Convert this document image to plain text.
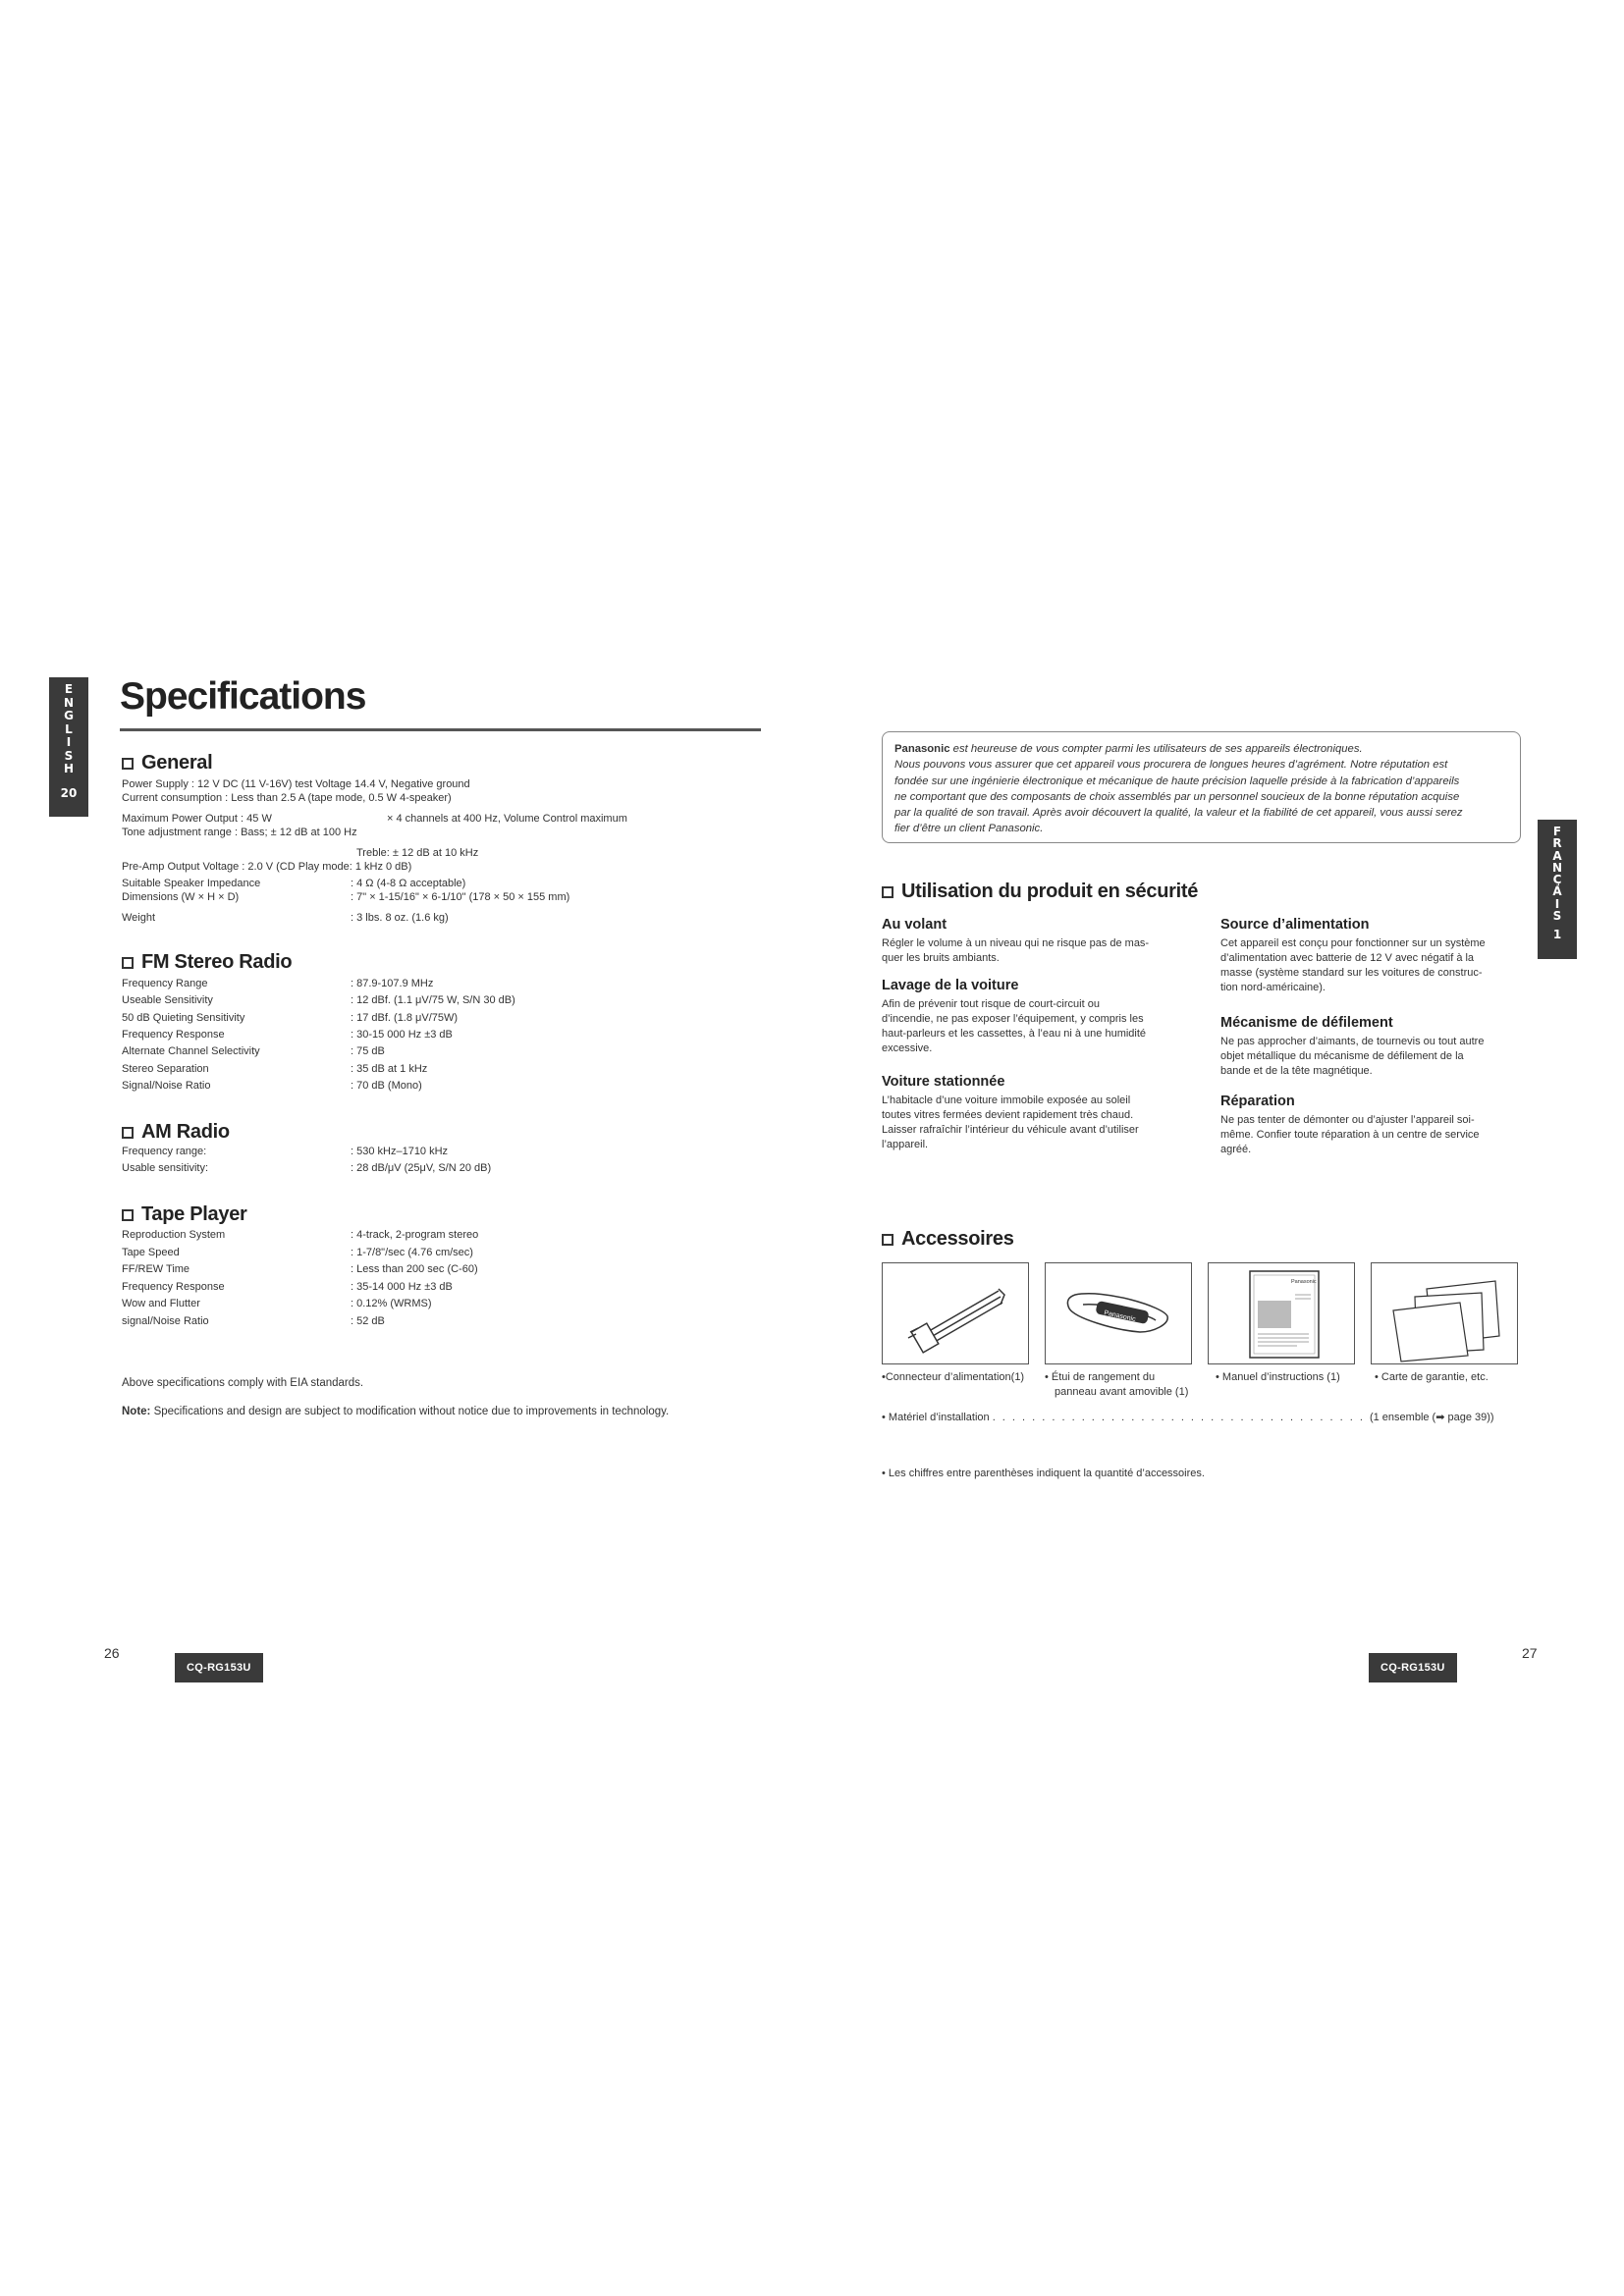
E
N
G
L
I
S
H
20
Specifications
General
Power Supply : 12 V DC (11 V-16V) test Voltage 14.4 V, Negative ground
Current consumption : Less than 2.5 A (tape mode, 0.5 W 4-speaker)
Maximum Power Output : 45 W	× 4 channels at 400 Hz, Volume Control maximum
Tone adjustment range : Bass; ± 12 dB at 100 Hz
Treble: ± 12 dB at 10 kHz
Pre-Amp Output Voltage : 2.0 V (CD Play mode: 1 kHz 0 dB)
Suitable Speaker Impedance	: 4 Ω (4-8 Ω acceptable)
Dimensions (W × H × D)	: 7" × 1-15/16" × 6-1/10" (178 × 50 × 155 mm)
Weight	: 3 lbs. 8 oz. (1.6 kg)
FM Stereo Radio
AM Radio
Tape Player
Frequency Range	: 87.9-107.9 MHz
Useable Sensitivity	: 12 dBf. (1.1 μV/75 W, S/N 30 dB)
50 dB Quieting Sensitivity	: 17 dBf. (1.8 μV/75W)
Frequency Response	: 30-15 000 Hz ±3 dB
Alternate Channel Selectivity	: 75 dB
Stereo Separation	: 35 dB at 1 kHz
Signal/Noise Ratio	: 70 dB (Mono)
Frequency range:	: 530 kHz–1710 kHz
Usable sensitivity:	: 28 dB/μV (25μV, S/N 20 dB)
Reproduction System	: 4-track, 2-program stereo
Tape Speed	: 1-7/8"/sec (4.76 cm/sec)
FF/REW Time	: Less than 200 sec (C-60)
Frequency Response	: 35-14 000 Hz ±3 dB
Wow and Flutter	: 0.12% (WRMS)
signal/Noise Ratio	: 52 dB
Above specifications comply with EIA standards.
Note: Specifications and design are subject to modification without notice due to improvements in technology.
26
CQ-RG153U
F
R
A
N
Ç
A
I
S
1
Panasonic est heureuse de vous compter parmi les utilisateurs de ses appareils électroniques.
Nous pouvons vous assurer que cet appareil vous procurera de longues heures d’agrément. Notre réputation est
fondée sur une ingénierie électronique et mécanique de haute précision laquelle préside à la fabrication d’appareils
ne comportant que des composants de choix assemblés par un personnel soucieux de la bonne réputation acquise
par la qualité de son travail. Après avoir découvert la qualité, la valeur et la fiabilité de cet appareil, vous aussi serez
fier d’être un client Panasonic.
Utilisation du produit en sécurité
Au volant
Régler le volume à un niveau qui ne risque pas de mas-
quer les bruits ambiants.
Lavage de la voiture
Afin de prévenir tout risque de court-circuit ou
d’incendie, ne pas exposer l’équipement, y compris les
haut-parleurs et les cassettes, à l’eau ni à une humidité
excessive.
Voiture stationnée
L’habitacle d’une voiture immobile exposée au soleil
toutes vitres fermées devient rapidement très chaud.
Laisser rafraîchir l’intérieur du véhicule avant d’utiliser
l’appareil.
Source d’alimentation
Cet appareil est conçu pour fonctionner sur un système
d’alimentation avec batterie de 12 V avec négatif à la
masse (système standard sur les voitures de construc-
tion nord-américaine).
Mécanisme de défilement
Ne pas approcher d’aimants, de tournevis ou tout autre
objet métallique du mécanisme de défilement de la
bande et de la tête magnétique.
Réparation
Ne pas tenter de démonter ou d’ajuster l’appareil soi-
même. Confier toute réparation à un centre de service
agréé.
Accessoires
Panasonic
Panasonic
•Connecteur d’alimentation(1) • Étui de rangement du
panneau avant amovible (1)
• Manuel d’instructions (1)	• Carte de garantie, etc.
• Matériel d’installation . . . . . . . . . . . . . . . . . . . . . . . . . . . . . . . . . . . . . . (1 ensemble (➡ page 39))
• Les chiffres entre parenthèses indiquent la quantité d’accessoires.
CQ-RG153U
27
